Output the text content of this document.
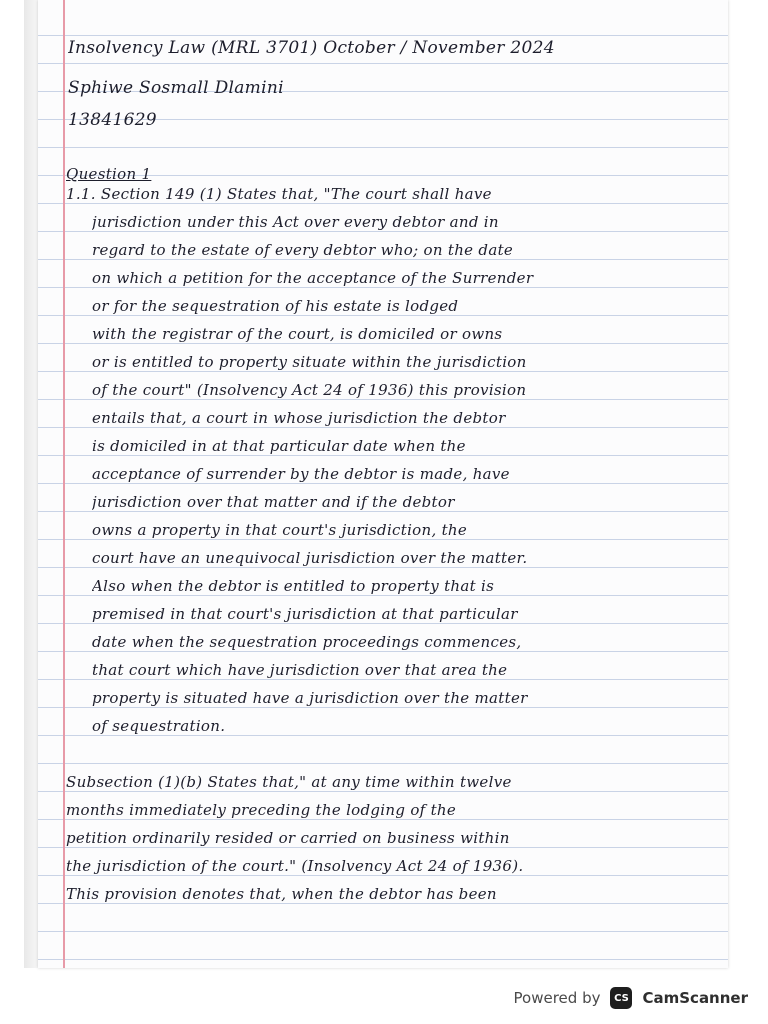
Insolvency Law (MRL 3701) October / November 2024

Sphiwe Sosmall Dlamini

13841629

Question 1

1.1. Section 149 (1) States that, "The court shall have

jurisdiction under this Act over every debtor and in

regard to the estate of every debtor who; on the date

on which a petition for the acceptance of the Surrender

or for the sequestration of his estate is lodged

with the registrar of the court, is domiciled or owns

or is entitled to property situate within the jurisdiction

of the court" (Insolvency Act 24 of 1936) this provision

entails that, a court in whose jurisdiction the debtor

is domiciled in at that particular date when the

acceptance of surrender by the debtor is made, have

jurisdiction over that matter and if the debtor

owns a property in that court's jurisdiction, the

court have an unequivocal jurisdiction over the matter.

Also when the debtor is entitled to property that is

premised in that court's jurisdiction at that particular

date when the sequestration proceedings commences,

that court which have jurisdiction over that area the

property is situated have a jurisdiction over the matter

of sequestration.

Subsection (1)(b) States that," at any time within twelve

months immediately preceding the lodging of the

petition ordinarily resided or carried on business within

the jurisdiction of the court." (Insolvency Act 24 of 1936).

This provision denotes that, when the debtor has been

Powered by	CS CamScanner
